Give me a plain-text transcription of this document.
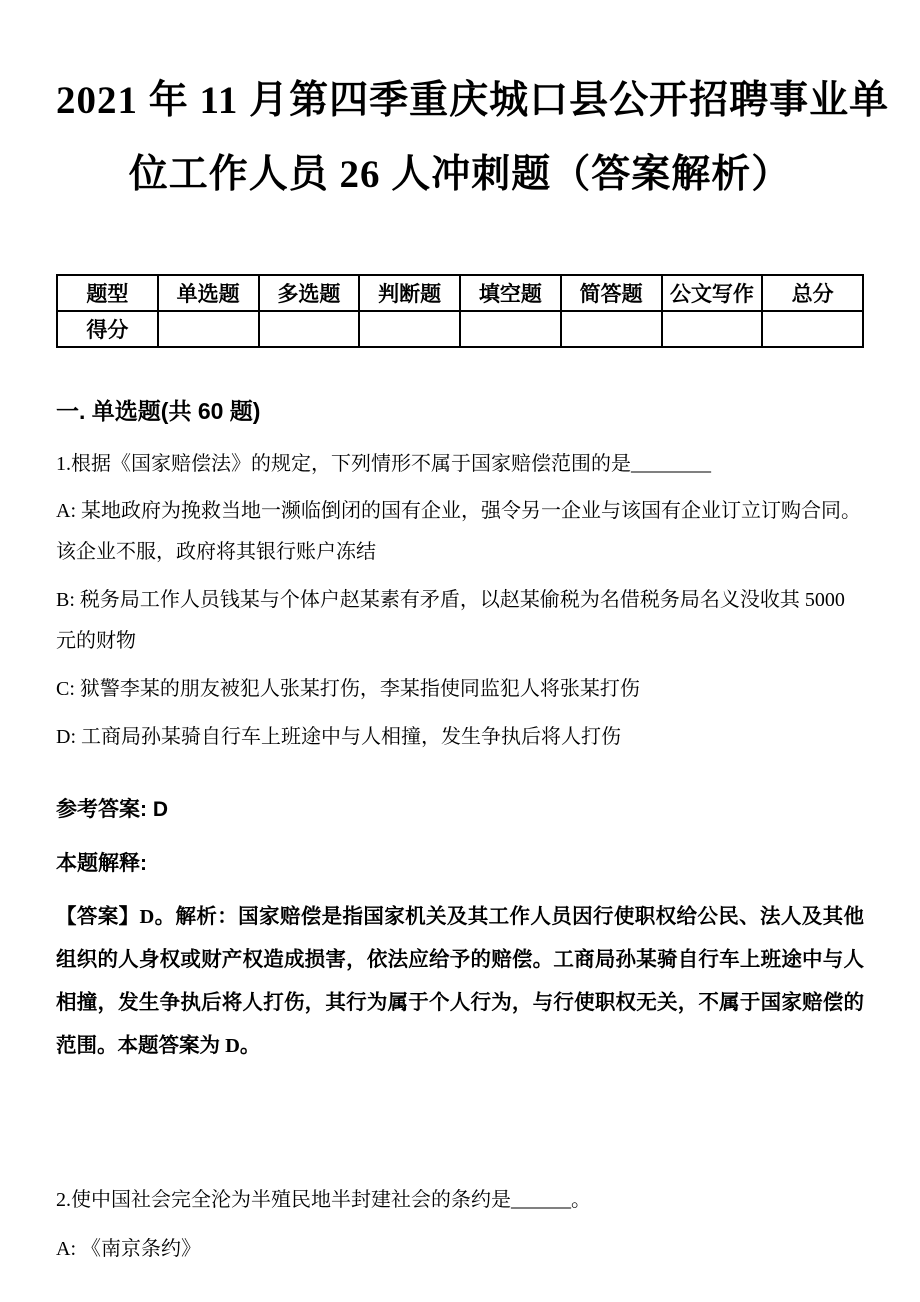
2021 年 11 月第四季重庆城口县公开招聘事业单
位工作人员 26 人冲刺题（答案解析）
题型	单选题	多选题	判断题	填空题	简答题	公文写作	总分
得分							
一. 单选题(共 60 题)

1.根据《国家赔偿法》的规定，下列情形不属于国家赔偿范围的是________

A: 某地政府为挽救当地一濒临倒闭的国有企业，强令另一企业与该国有企业订立订购合同。该企业不服，政府将其银行账户冻结

B: 税务局工作人员钱某与个体户赵某素有矛盾，以赵某偷税为名借税务局名义没收其 5000 元的财物

C: 狱警李某的朋友被犯人张某打伤，李某指使同监犯人将张某打伤

D: 工商局孙某骑自行车上班途中与人相撞，发生争执后将人打伤

参考答案: D

本题解释:

【答案】D。解析：国家赔偿是指国家机关及其工作人员因行使职权给公民、法人及其他组织的人身权或财产权造成损害，依法应给予的赔偿。工商局孙某骑自行车上班途中与人相撞，发生争执后将人打伤，其行为属于个人行为，与行使职权无关，不属于国家赔偿的范围。本题答案为 D。

2.使中国社会完全沦为半殖民地半封建社会的条约是______。

A: 《南京条约》
